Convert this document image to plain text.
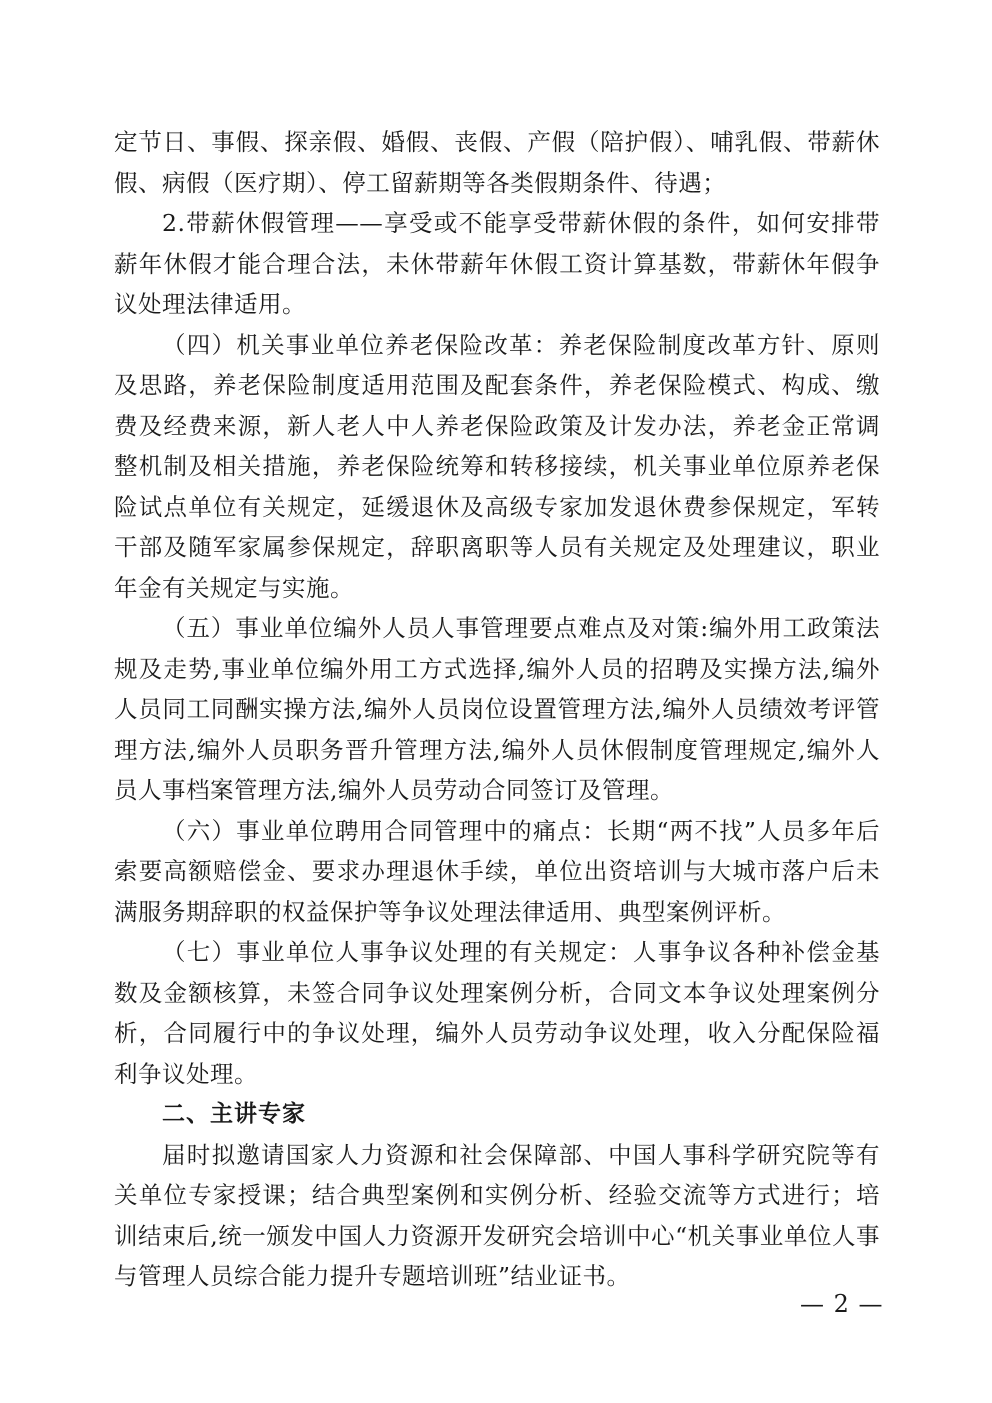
定节日、事假、探亲假、婚假、丧假、产假（陪护假）、哺乳假、带薪休假、病假（医疗期）、停工留薪期等各类假期条件、待遇；

2.带薪休假管理——享受或不能享受带薪休假的条件，如何安排带薪年休假才能合理合法，未休带薪年休假工资计算基数，带薪休年假争议处理法律适用。

（四）机关事业单位养老保险改革：养老保险制度改革方针、原则及思路，养老保险制度适用范围及配套条件，养老保险模式、构成、缴费及经费来源，新人老人中人养老保险政策及计发办法，养老金正常调整机制及相关措施，养老保险统筹和转移接续，机关事业单位原养老保险试点单位有关规定，延缓退休及高级专家加发退休费参保规定，军转干部及随军家属参保规定，辞职离职等人员有关规定及处理建议，职业年金有关规定与实施。

（五）事业单位编外人员人事管理要点难点及对策:编外用工政策法规及走势,事业单位编外用工方式选择,编外人员的招聘及实操方法,编外人员同工同酬实操方法,编外人员岗位设置管理方法,编外人员绩效考评管理方法,编外人员职务晋升管理方法,编外人员休假制度管理规定,编外人员人事档案管理方法,编外人员劳动合同签订及管理。

（六）事业单位聘用合同管理中的痛点：长期“两不找”人员多年后索要高额赔偿金、要求办理退休手续，单位出资培训与大城市落户后未满服务期辞职的权益保护等争议处理法律适用、典型案例评析。

（七）事业单位人事争议处理的有关规定：人事争议各种补偿金基数及金额核算，未签合同争议处理案例分析，合同文本争议处理案例分析，合同履行中的争议处理，编外人员劳动争议处理，收入分配保险福利争议处理。

二、主讲专家

届时拟邀请国家人力资源和社会保障部、中国人事科学研究院等有关单位专家授课；结合典型案例和实例分析、经验交流等方式进行；培训结束后,统一颁发中国人力资源开发研究会培训中心“机关事业单位人事与管理人员综合能力提升专题培训班”结业证书。

— 2 —
